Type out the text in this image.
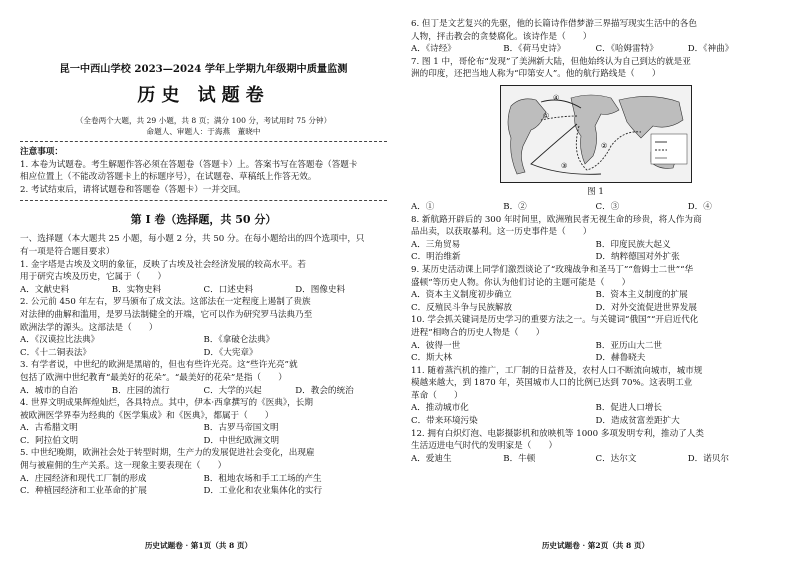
昆一中西山学校 2023—2024 学年上学期九年级期中质量监测
历史 试题卷
（全卷两个大题，共 29 小题，共 8 页；满分 100 分，考试用时 75 分钟）
命题人、审题人：于海燕　董晓中
注意事项：
1. 本卷为试题卷。考生解题作答必须在答题卷（答题卡）上。答案书写在答题卷（答题卡
相应位置上（不能改动答题卡上的标题序号），在试题卷、草稿纸上作答无效。
2. 考试结束后，请将试题卷和答题卷（答题卡）一并交回。
第 I 卷（选择题，共 50 分）
一、选择题（本大题共 25 小题，每小题 2 分，共 50 分。在每小题给出的四个选项中，只
有一项是符合题目要求）
1. 金字塔是古埃及文明的象征，反映了古埃及社会经济发展的较高水平。若
用于研究古埃及历史，它属于（　　）
A．文献史料	B．实物史料	C．口述史料	D．图像史料
2. 公元前 450 年左右，罗马颁布了成文法。这部法在一定程度上遏制了贵族
对法律的曲解和滥用，是罗马法制健全的开端，它可以作为研究罗马法典乃至
欧洲法学的源头。这部法是（　　）
A．《汉谟拉比法典》	B．《拿破仑法典》
C．《十二铜表法》	D．《大宪章》
3. 有学者说，中世纪的欧洲是黑暗的，但也有些许光亮。这“些许光亮”就
包括了欧洲中世纪教育“最美好的花朵”。“最美好的花朵”是指（　　）
A．城市的自治	B．庄园的流行	C．大学的兴起	D．教会的统治
4. 世界文明成果辉煌灿烂，各具特点。其中，伊本·西拿撰写的《医典》，长期
被欧洲医学界奉为经典的《医学集成》和《医典》，都属于（　　）
A．古希腊文明	B．古罗马帝国文明
C．阿拉伯文明	D．中世纪欧洲文明
5. 中世纪晚期，欧洲社会处于转型时期，生产力的发展促进社会变化，出现雇
佣与被雇佣的生产关系。这一现象主要表现在（　　）
A．庄园经济和现代工厂制的形成	B．租地农场和手工工场的产生
C．种植园经济和工业革命的扩展	D．工业化和农业集体化的实行
历史试题卷 · 第1页（共 8 页）
6. 但丁是文艺复兴的先驱，他的长篇诗作借梦游三界描写现实生活中的各色
人物，抨击教会的贪婪腐化。该诗作是（　　）
A．《诗经》	B．《荷马史诗》	C．《哈姆雷特》	D．《神曲》
7. 图 1 中，哥伦布“发现”了美洲新大陆，但他始终认为自己到达的就是亚
洲的印度，还把当地人称为“印第安人”。他的航行路线是（　　）
①
②
③
④
图 1
A．①	B．②	C．③	D．④
8. 新航路开辟后的 300 年时间里，欧洲殖民者无视生命的珍贵，将人作为商
品出卖，以获取暴利。这一历史事件是（　　）
A．三角贸易	B．印度民族大起义
C．明治维新	D．纳粹德国对外扩张
9. 某历史活动课上同学们激烈谈论了“玫瑰战争和圣马丁”“詹姆士二世”“华
盛顿”等历史人物。你认为他们讨论的主题可能是（　　）
A．资本主义制度初步确立	B．资本主义制度的扩展
C．反殖民斗争与民族解放	D．对外交流促进世界发展
10. 学会抓关键词是历史学习的重要方法之一。与关键词“俄国”“开启近代化
进程”相吻合的历史人物是（　　）
A．彼得一世	B．亚历山大二世
C．斯大林	D．赫鲁晓夫
11. 随着蒸汽机的推广，工厂制的日益普及，农村人口不断流向城市，城市规
模越来越大，到 1870 年，英国城市人口的比例已达到 70%。这表明工业
革命（　　）
A．推动城市化	B．促进人口增长
C．带来环境污染	D．造成贫富差距扩大
12. 拥有白炽灯泡、电影摄影机和放映机等 1000 多项发明专利，推动了人类
生活迈进电气时代的发明家是（　　）
A．爱迪生	B．牛顿	C．达尔文	D．诺贝尔
历史试题卷 · 第2页（共 8 页）
